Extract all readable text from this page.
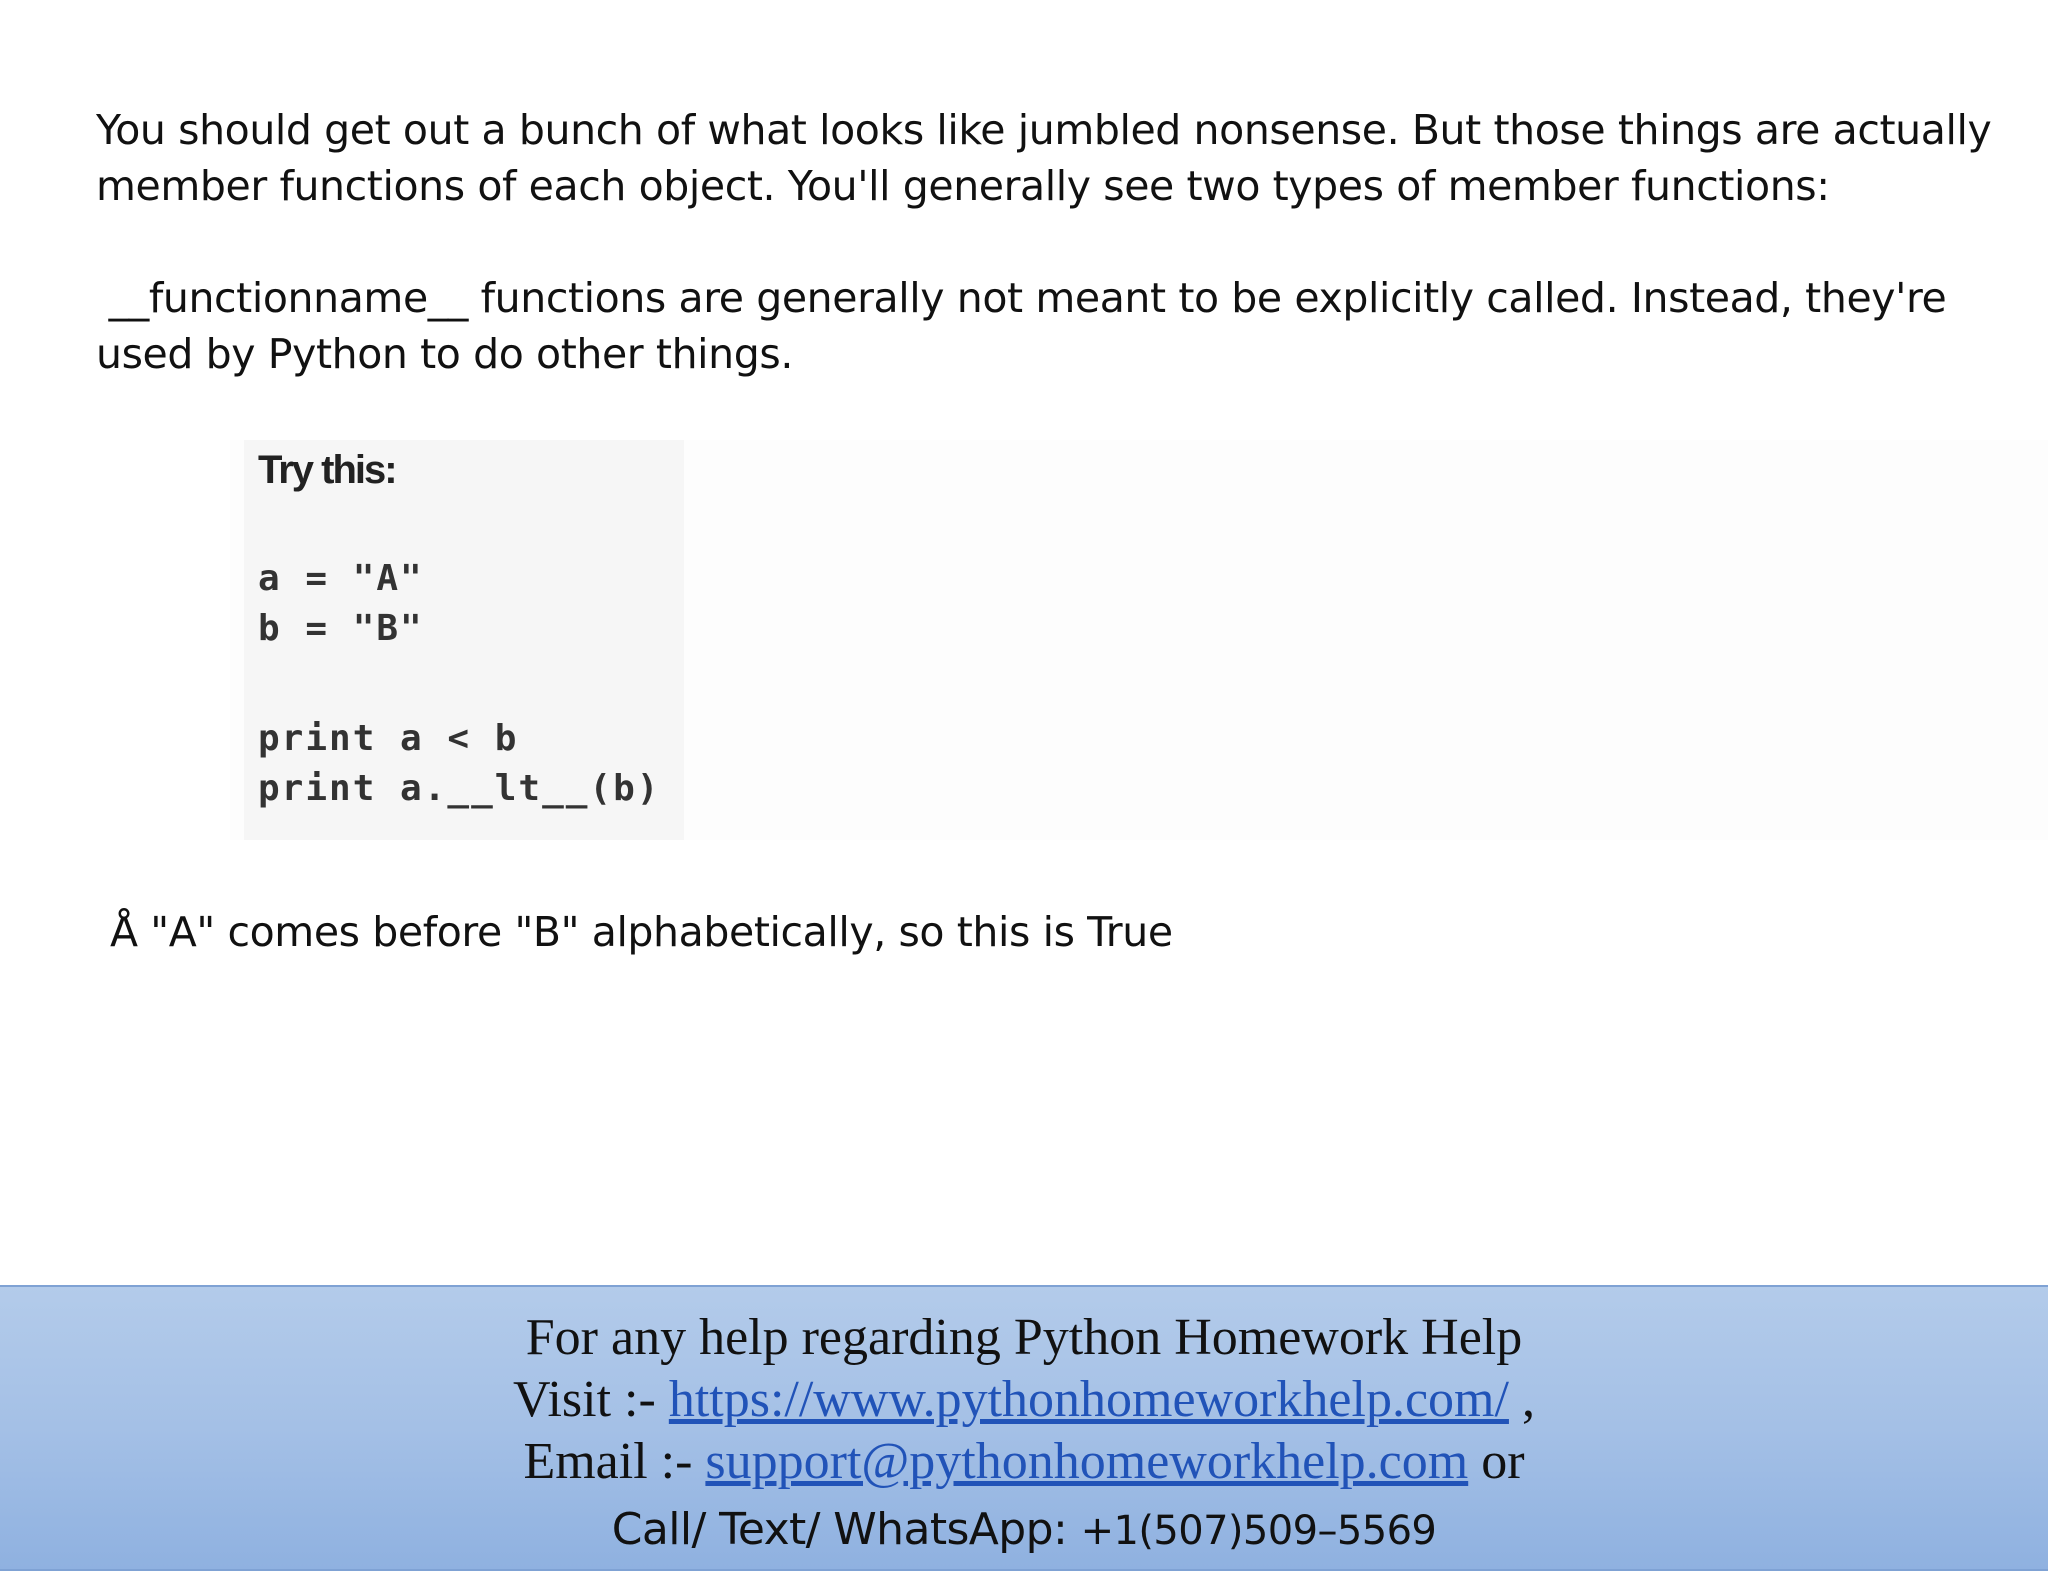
You should get out a bunch of what looks like jumbled nonsense. But those things are actually
member functions of each object. You'll generally see two types of member functions:
__functionname__ functions are generally not meant to be explicitly called. Instead, they're
used by Python to do other things.
Try this:
a = "A"
b = "B"
print a < b
print a.__lt__(b)
Å "A" comes before "B" alphabetically, so this is True
For any help regarding Python Homework Help
Visit :- https://www.pythonhomeworkhelp.com/ ,
Email :- support@pythonhomeworkhelp.com or
Call/ Text/ WhatsApp: +1(507)509–5569
